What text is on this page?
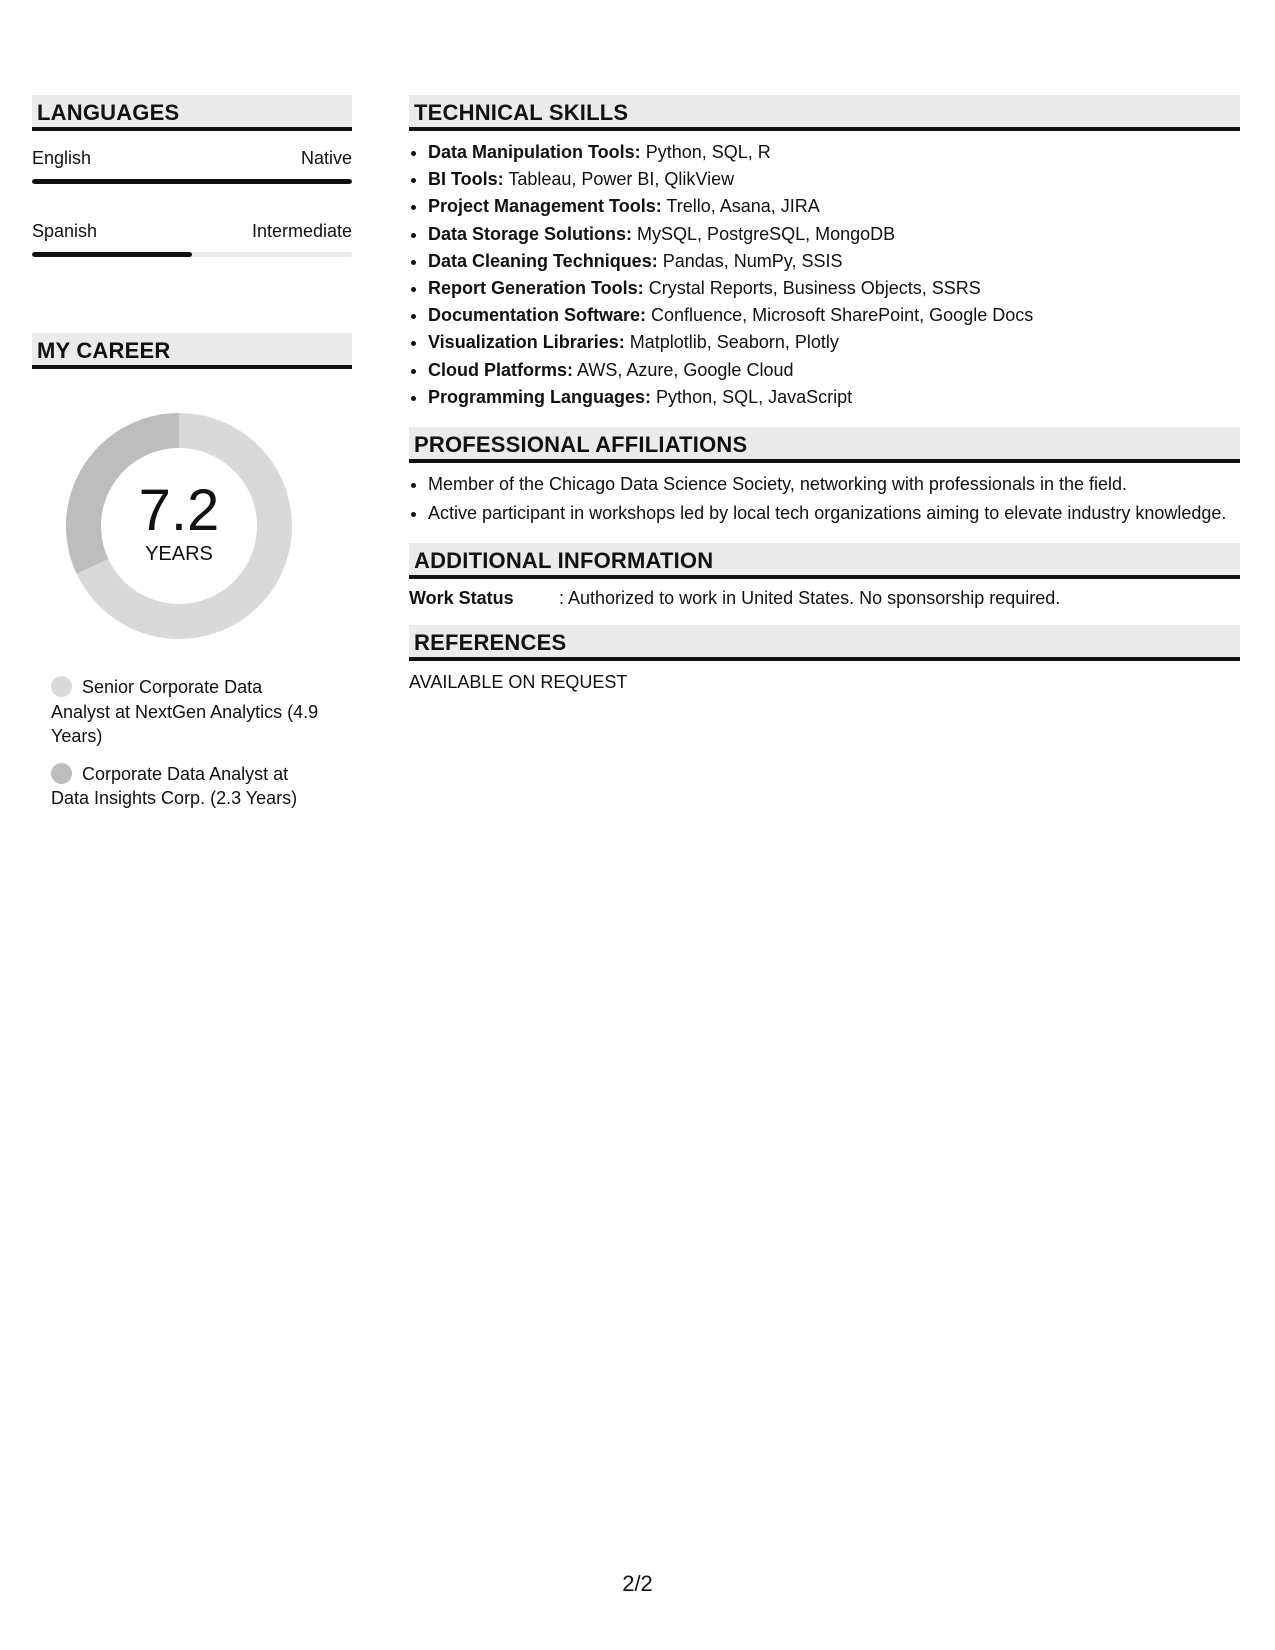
LANGUAGES
English	Native
Spanish	Intermediate
MY CAREER
7.2
YEARS
Senior Corporate Data Analyst at NextGen Analytics (4.9 Years)
Corporate Data Analyst at Data Insights Corp. (2.3 Years)
TECHNICAL SKILLS
• Data Manipulation Tools: Python, SQL, R
• BI Tools: Tableau, Power BI, QlikView
• Project Management Tools: Trello, Asana, JIRA
• Data Storage Solutions: MySQL, PostgreSQL, MongoDB
• Data Cleaning Techniques: Pandas, NumPy, SSIS
• Report Generation Tools: Crystal Reports, Business Objects, SSRS
• Documentation Software: Confluence, Microsoft SharePoint, Google Docs
• Visualization Libraries: Matplotlib, Seaborn, Plotly
• Cloud Platforms: AWS, Azure, Google Cloud
• Programming Languages: Python, SQL, JavaScript
PROFESSIONAL AFFILIATIONS
• Member of the Chicago Data Science Society, networking with professionals in the field.
• Active participant in workshops led by local tech organizations aiming to elevate industry knowledge.
ADDITIONAL INFORMATION
Work Status	: Authorized to work in United States. No sponsorship required.
REFERENCES
AVAILABLE ON REQUEST
2/2
